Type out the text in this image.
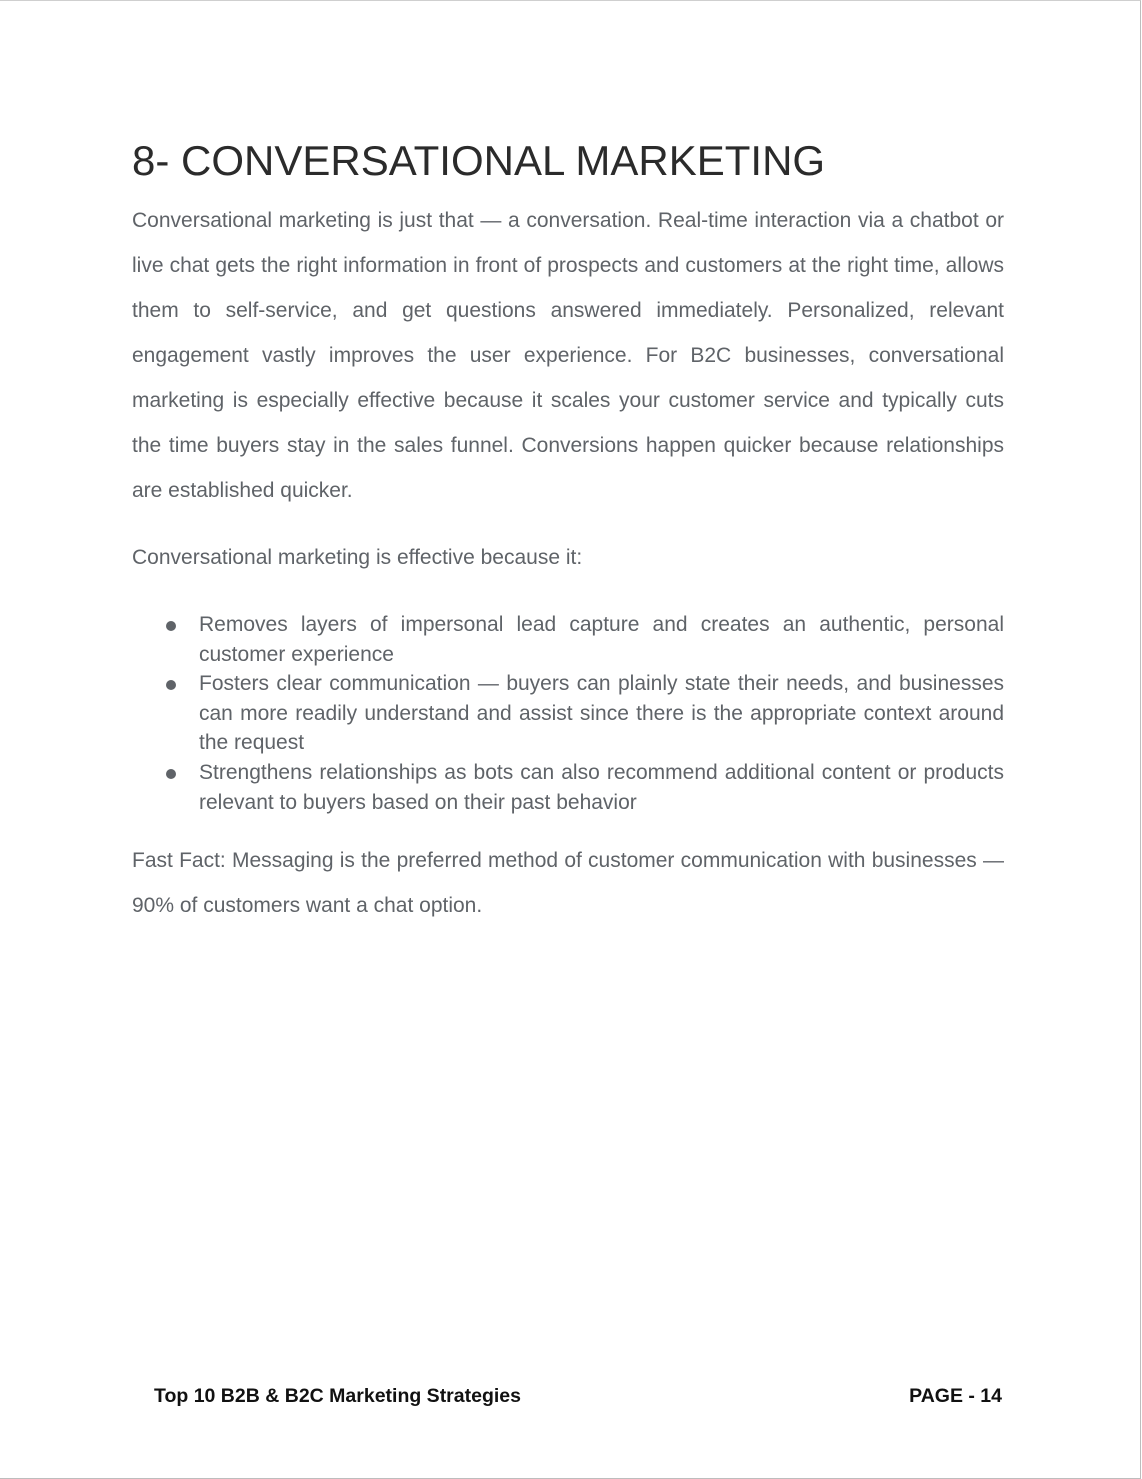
8- CONVERSATIONAL MARKETING

Conversational marketing is just that — a conversation. Real-time interaction via a chatbot or live chat gets the right information in front of prospects and customers at the right time, allows them to self-service, and get questions answered immediately. Personalized, relevant engagement vastly improves the user experience. For B2C businesses, conversational marketing is especially effective because it scales your customer service and typically cuts the time buyers stay in the sales funnel. Conversions happen quicker because relationships are established quicker.

Conversational marketing is effective because it:

Removes layers of impersonal lead capture and creates an authentic, personal customer experience
Fosters clear communication — buyers can plainly state their needs, and businesses can more readily understand and assist since there is the appropriate context around the request
Strengthens relationships as bots can also recommend additional content or products relevant to buyers based on their past behavior

Fast Fact: Messaging is the preferred method of customer communication with businesses — 90% of customers want a chat option.

Top 10 B2B & B2C Marketing Strategies	PAGE - 14
